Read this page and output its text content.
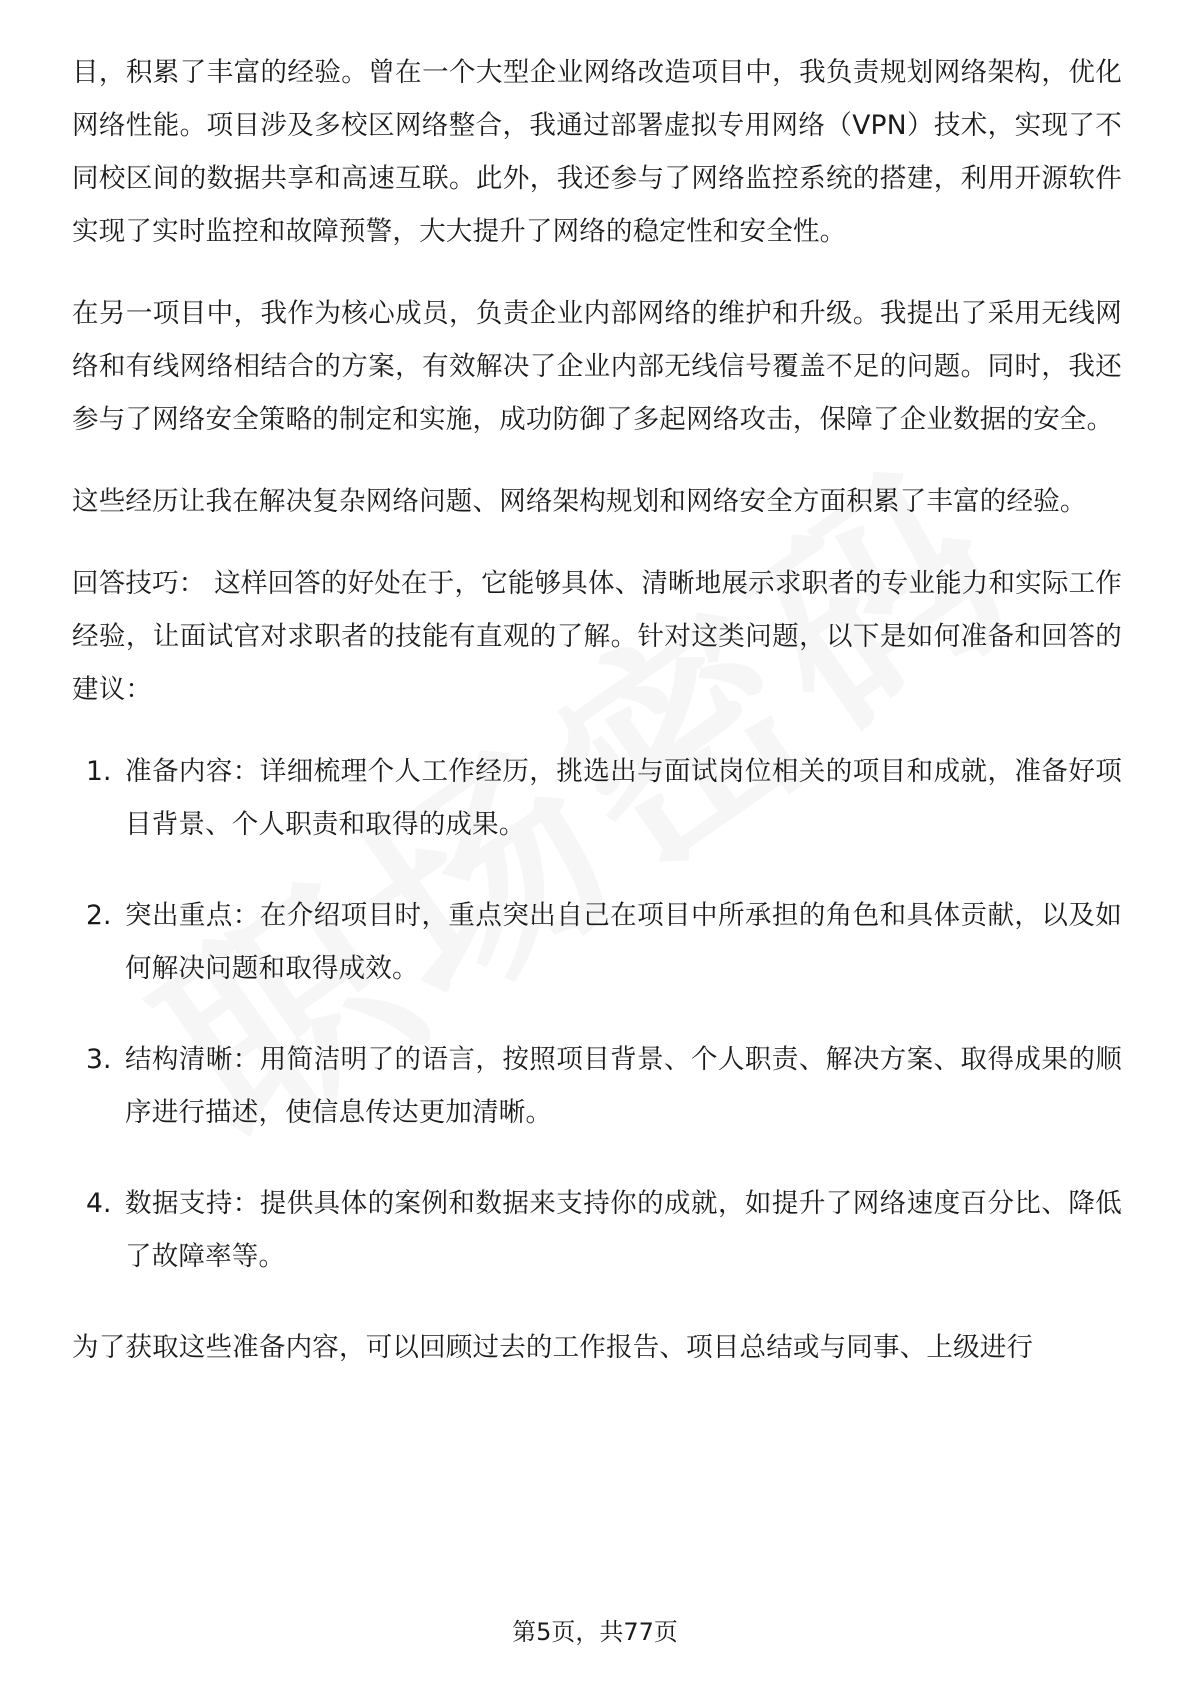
目，积累了丰富的经验。曾在一个大型企业网络改造项目中，我负责规划网络架构，优化网络性能。项目涉及多校区网络整合，我通过部署虚拟专用网络（VPN）技术，实现了不同校区间的数据共享和高速互联。此外，我还参与了网络监控系统的搭建，利用开源软件实现了实时监控和故障预警，大大提升了网络的稳定性和安全性。

在另一项目中，我作为核心成员，负责企业内部网络的维护和升级。我提出了采用无线网络和有线网络相结合的方案，有效解决了企业内部无线信号覆盖不足的问题。同时，我还参与了网络安全策略的制定和实施，成功防御了多起网络攻击，保障了企业数据的安全。

这些经历让我在解决复杂网络问题、网络架构规划和网络安全方面积累了丰富的经验。

回答技巧： 这样回答的好处在于，它能够具体、清晰地展示求职者的专业能力和实际工作经验，让面试官对求职者的技能有直观的了解。针对这类问题，以下是如何准备和回答的建议：

1. 准备内容：详细梳理个人工作经历，挑选出与面试岗位相关的项目和成就，准备好项目背景、个人职责和取得的成果。
2. 突出重点：在介绍项目时，重点突出自己在项目中所承担的角色和具体贡献，以及如何解决问题和取得成效。
3. 结构清晰：用简洁明了的语言，按照项目背景、个人职责、解决方案、取得成果的顺序进行描述，使信息传达更加清晰。
4. 数据支持：提供具体的案例和数据来支持你的成就，如提升了网络速度百分比、降低了故障率等。

为了获取这些准备内容，可以回顾过去的工作报告、项目总结或与同事、上级进行

第5页，共77页
